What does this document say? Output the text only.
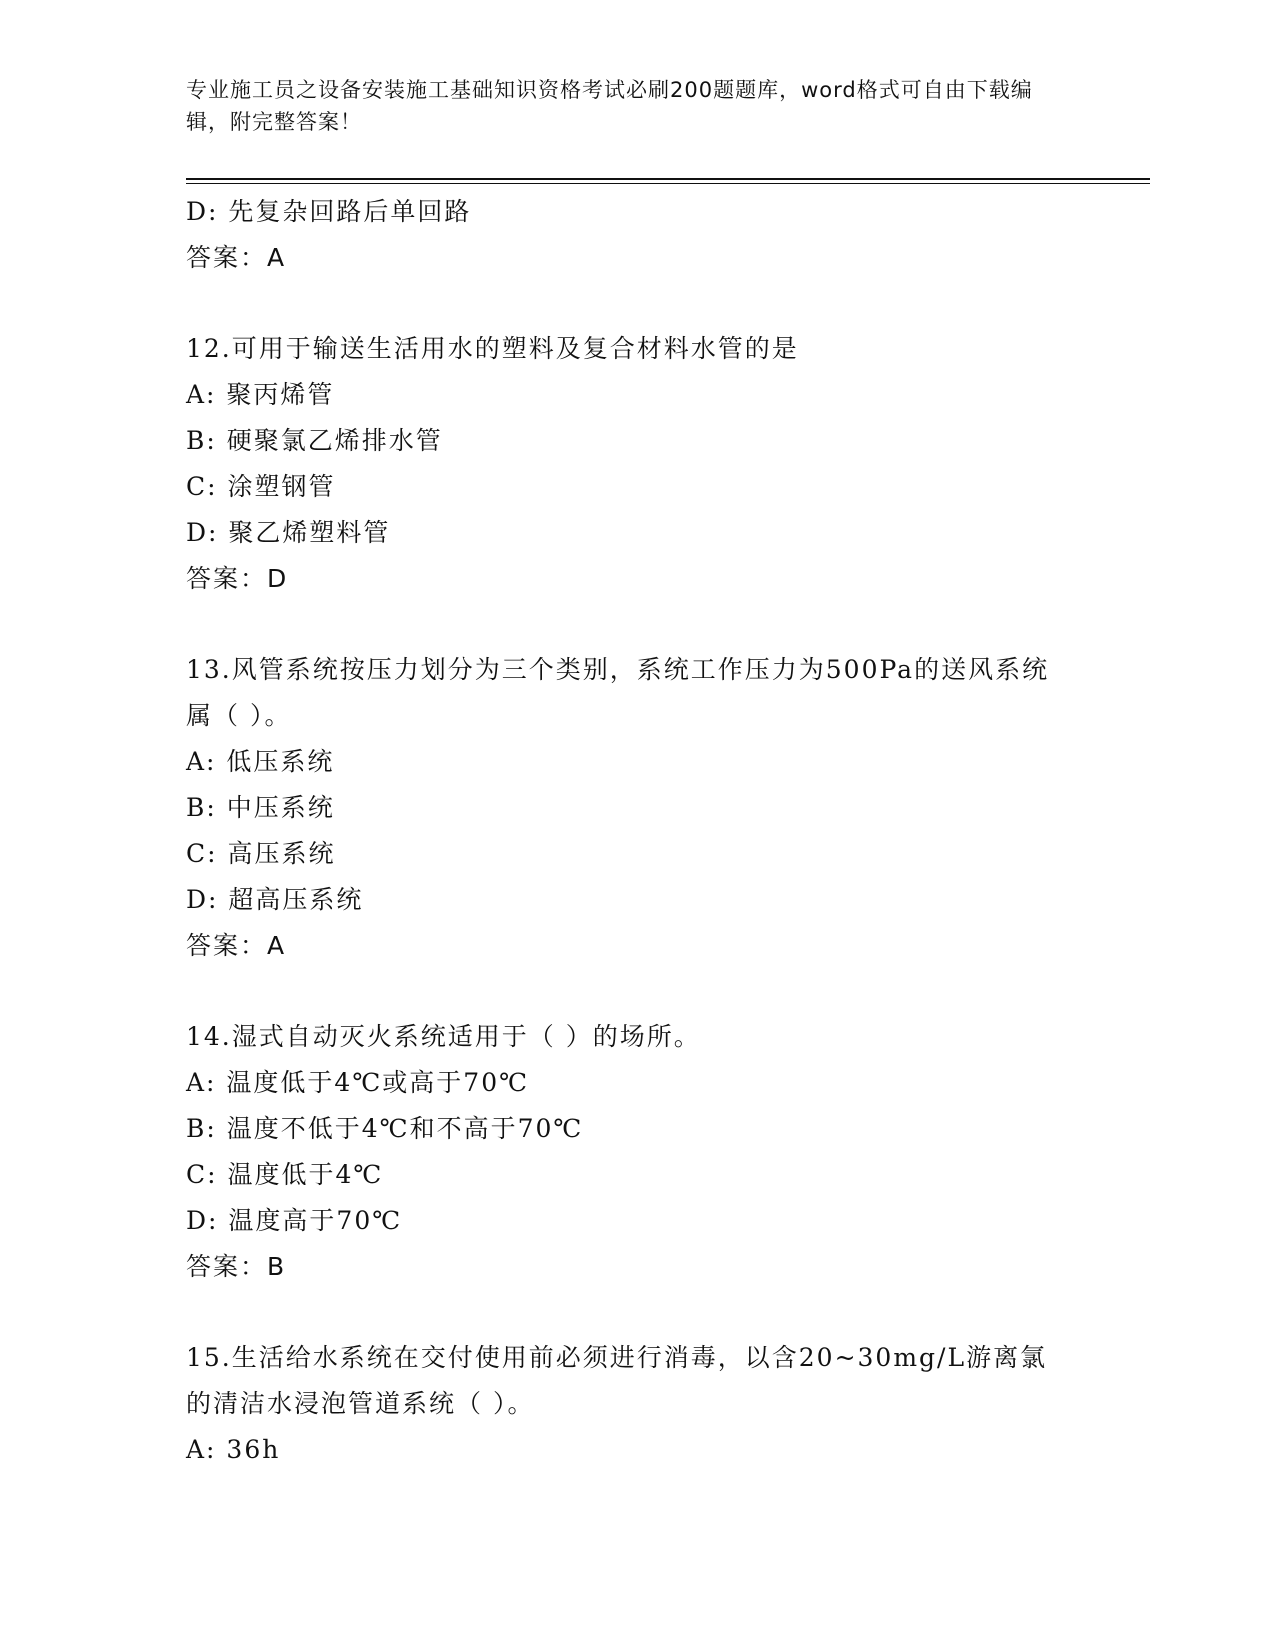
专业施工员之设备安装施工基础知识资格考试必刷200题题库，word格式可自由下载编辑，附完整答案！
D: 先复杂回路后单回路
答案：A
12.可用于输送生活用水的塑料及复合材料水管的是
A: 聚丙烯管
B: 硬聚氯乙烯排水管
C: 涂塑钢管
D: 聚乙烯塑料管
答案：D
13.风管系统按压力划分为三个类别，系统工作压力为500Pa的送风系统属（ ）。
A: 低压系统
B: 中压系统
C: 高压系统
D: 超高压系统
答案：A
14.湿式自动灭火系统适用于（ ）的场所。
A: 温度低于4℃或高于70℃
B: 温度不低于4℃和不高于70℃
C: 温度低于4℃
D: 温度高于70℃
答案：B
15.生活给水系统在交付使用前必须进行消毒，以含20~30mg/L游离氯的清洁水浸泡管道系统（ ）。
A: 36h
